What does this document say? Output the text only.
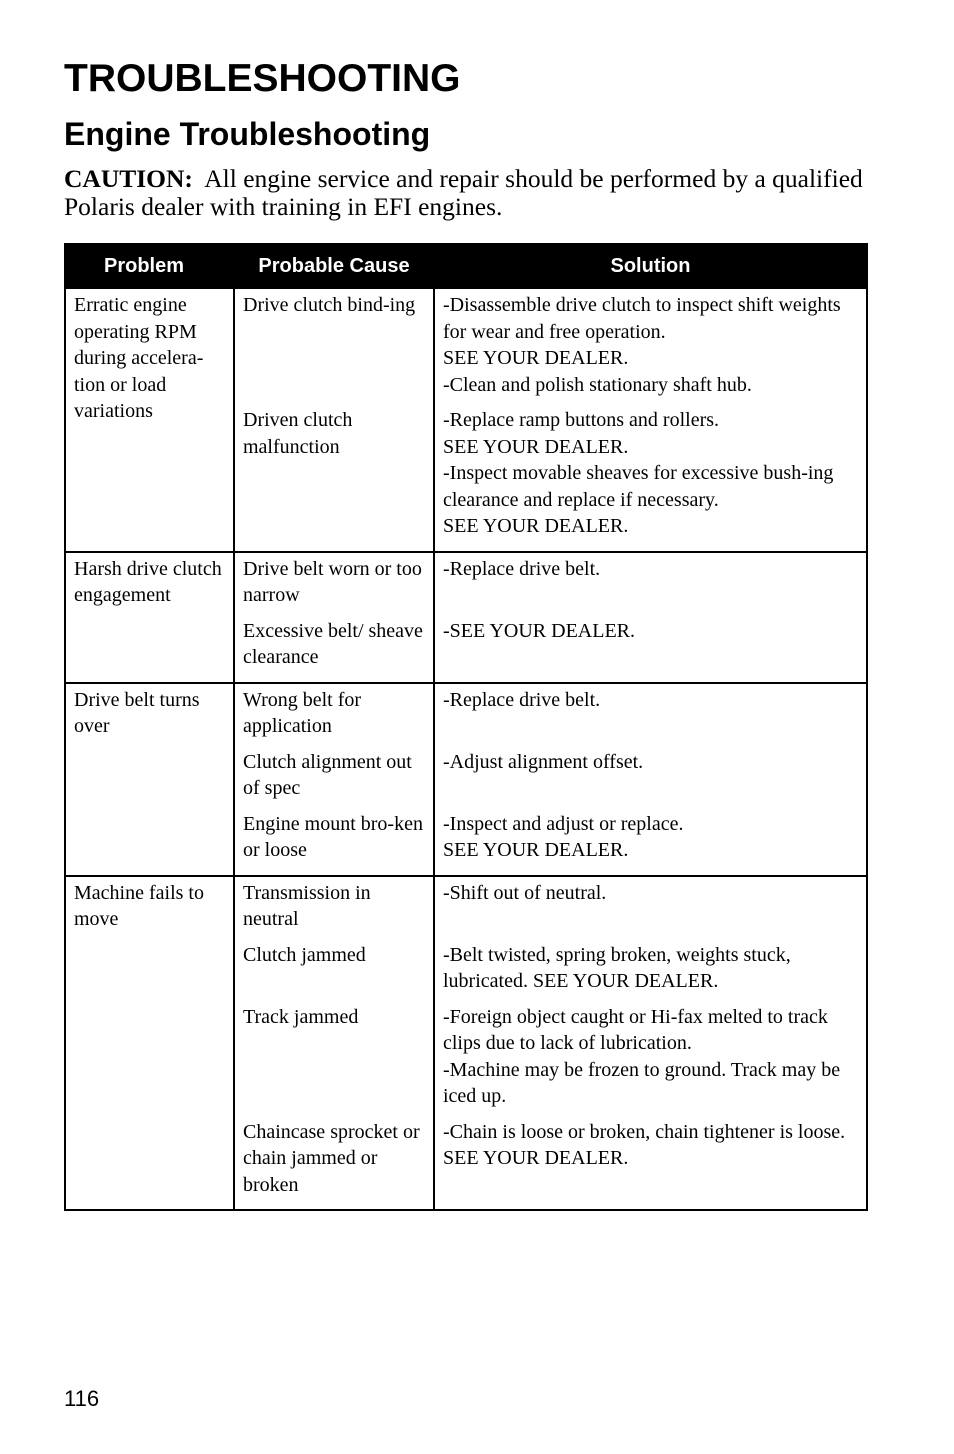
TROUBLESHOOTING
Engine Troubleshooting

CAUTION: All engine service and repair should be performed by a qualified Polaris dealer with training in EFI engines.

Problem	Probable Cause	Solution
Erratic engine operating RPM during accelera-tion or load variations	Drive clutch bind-ing	-Disassemble drive clutch to inspect shift weights for wear and free operation.
SEE YOUR DEALER.
-Clean and polish stationary shaft hub.

	Driven clutch malfunction	-Replace ramp buttons and rollers.
SEE YOUR DEALER.
-Inspect movable sheaves for excessive bush-ing clearance and replace if necessary.
SEE YOUR DEALER.

Harsh drive clutch engagement	Drive belt worn or too narrow	-Replace drive belt.

	Excessive belt/ sheave clearance	-SEE YOUR DEALER.

Drive belt turns over	Wrong belt for application	-Replace drive belt.

	Clutch alignment out of spec	-Adjust alignment offset.

	Engine mount bro-ken or loose	-Inspect and adjust or replace.
SEE YOUR DEALER.

Machine fails to move	Transmission in neutral	-Shift out of neutral.

	Clutch jammed	-Belt twisted, spring broken, weights stuck, lubricated. SEE YOUR DEALER.

	Track jammed	-Foreign object caught or Hi-fax melted to track clips due to lack of lubrication.
-Machine may be frozen to ground. Track may be iced up.

	Chaincase sprocket or chain jammed or broken	-Chain is loose or broken, chain tightener is loose. SEE YOUR DEALER.
116
